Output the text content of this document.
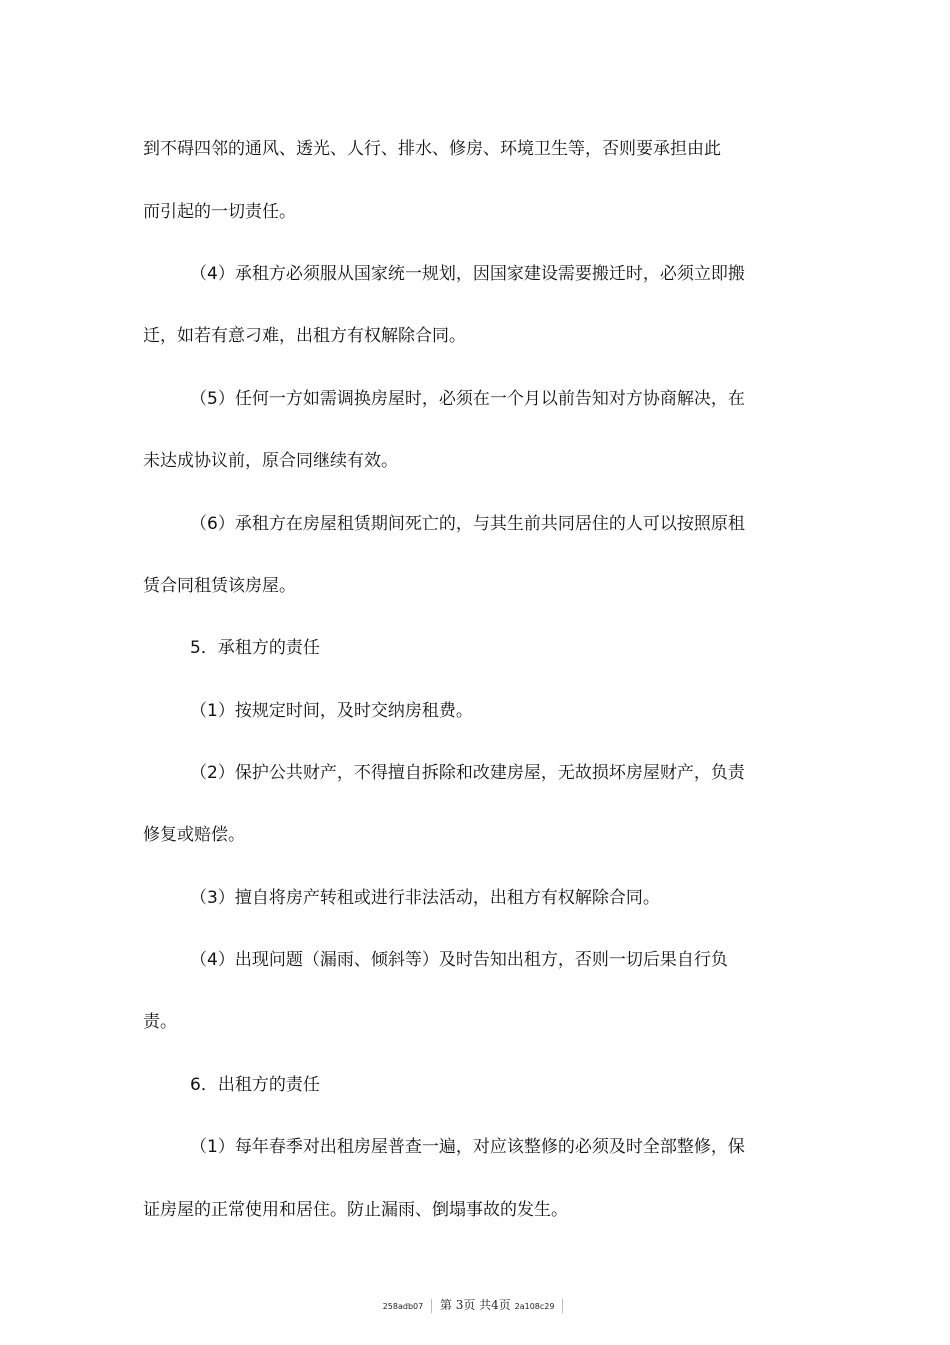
到不碍四邻的通风、透光、人行、排水、修房、环境卫生等，否则要承担由此
而引起的一切责任。
（4）承租方必须服从国家统一规划，因国家建设需要搬迁时，必须立即搬
迁，如若有意刁难，出租方有权解除合同。
（5）任何一方如需调换房屋时，必须在一个月以前告知对方协商解决，在
未达成协议前，原合同继续有效。
（6）承租方在房屋租赁期间死亡的，与其生前共同居住的人可以按照原租
赁合同租赁该房屋。
5．承租方的责任
（1）按规定时间，及时交纳房租费。
（2）保护公共财产，不得擅自拆除和改建房屋，无故损坏房屋财产，负责
修复或赔偿。
（3）擅自将房产转租或进行非法活动，出租方有权解除合同。
（4）出现问题（漏雨、倾斜等）及时告知出租方，否则一切后果自行负
责。
6．出租方的责任
（1）每年春季对出租房屋普查一遍，对应该整修的必须及时全部整修，保
证房屋的正常使用和居住。防止漏雨、倒塌事故的发生。
258adb07 第 3页 共4页 2a108c29
